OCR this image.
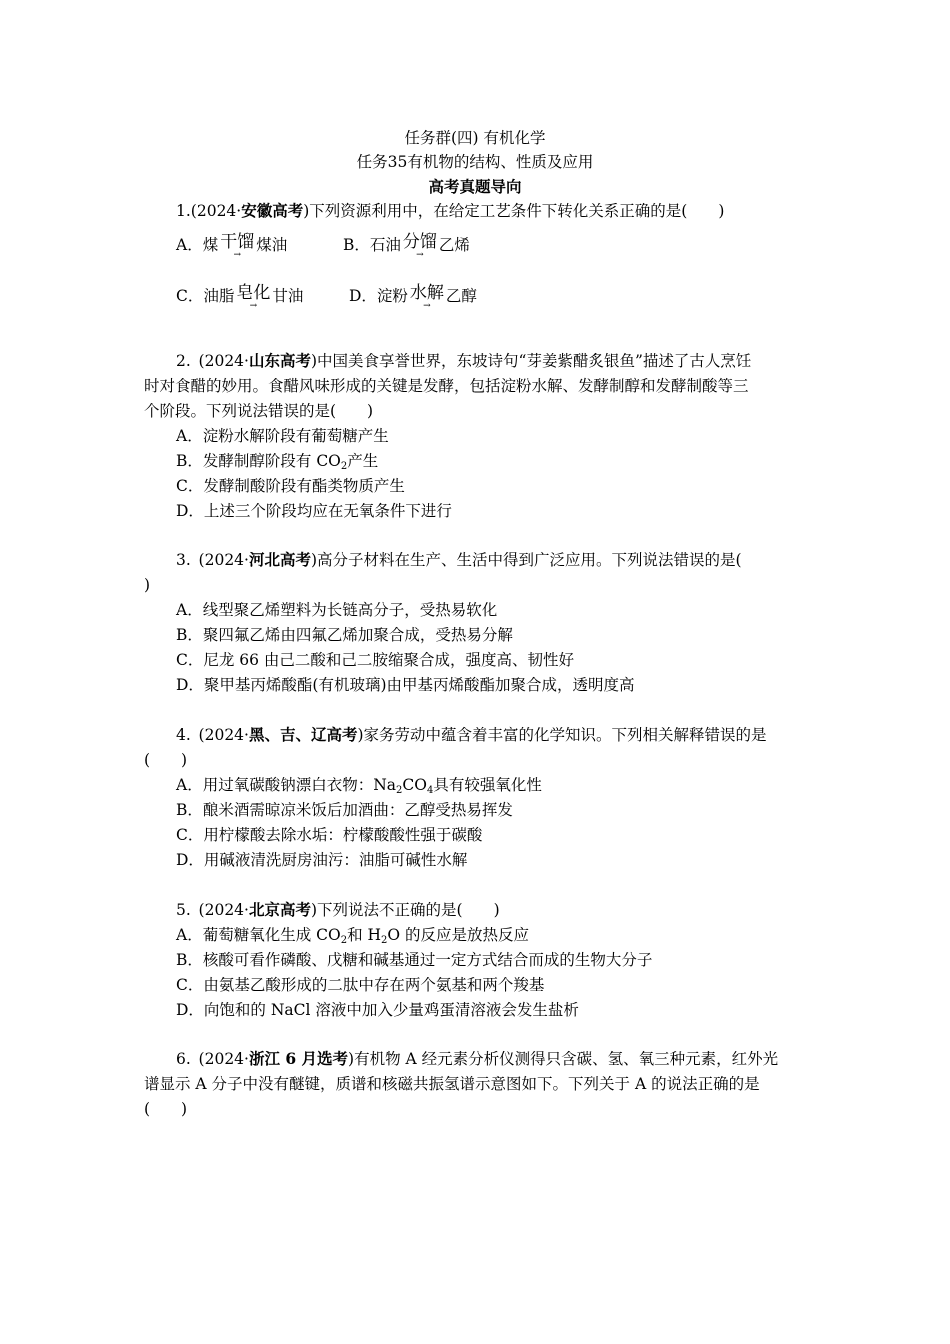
任务群(四) 有机化学
任务35有机物的结构、性质及应用
高考真题导向
1.(2024·安徽高考)下列资源利用中，在给定工艺条件下转化关系正确的是(　　)
A．煤 干馏
→
煤油	B．石油 分馏
→
乙烯
C．油脂 皂化
→
甘油	D．淀粉 水解
→
乙醇
2.  (2024·山东高考)中国美食享誉世界，东坡诗句“芽姜紫醋炙银鱼”描述了古人烹饪
时对食醋的妙用。食醋风味形成的关键是发酵，包括淀粉水解、发酵制醇和发酵制酸等三
个阶段。下列说法错误的是(　　)
A．淀粉水解阶段有葡萄糖产生
B．发酵制醇阶段有 $CO_2$产生
C．发酵制酸阶段有酯类物质产生
D．上述三个阶段均应在无氧条件下进行
3.  (2024·河北高考)高分子材料在生产、生活中得到广泛应用。下列说法错误的是(
)
A．线型聚乙烯塑料为长链高分子，受热易软化
B．聚四氟乙烯由四氟乙烯加聚合成，受热易分解
C．尼龙 66 由己二酸和己二胺缩聚合成，强度高、韧性好
D．聚甲基丙烯酸酯(有机玻璃)由甲基丙烯酸酯加聚合成，透明度高
4.  (2024·黑、吉、辽高考)家务劳动中蕴含着丰富的化学知识。下列相关解释错误的是
(　　)
A．用过氧碳酸钠漂白衣物：$Na_2CO_4$具有较强氧化性
B．酿米酒需晾凉米饭后加酒曲：乙醇受热易挥发
C．用柠檬酸去除水垢：柠檬酸酸性强于碳酸
D．用碱液清洗厨房油污：油脂可碱性水解
5.  (2024·北京高考)下列说法不正确的是(　　)
A．葡萄糖氧化生成 $CO_2$和 $H_2O$ 的反应是放热反应
B．核酸可看作磷酸、戊糖和碱基通过一定方式结合而成的生物大分子
C．由氨基乙酸形成的二肽中存在两个氨基和两个羧基
D．向饱和的 NaCl 溶液中加入少量鸡蛋清溶液会发生盐析
6.  (2024·浙江 6 月选考)有机物 A 经元素分析仪测得只含碳、氢、氧三种元素，红外光
谱显示 A 分子中没有醚键，质谱和核磁共振氢谱示意图如下。下列关于 A 的说法正确的是
(　　)
